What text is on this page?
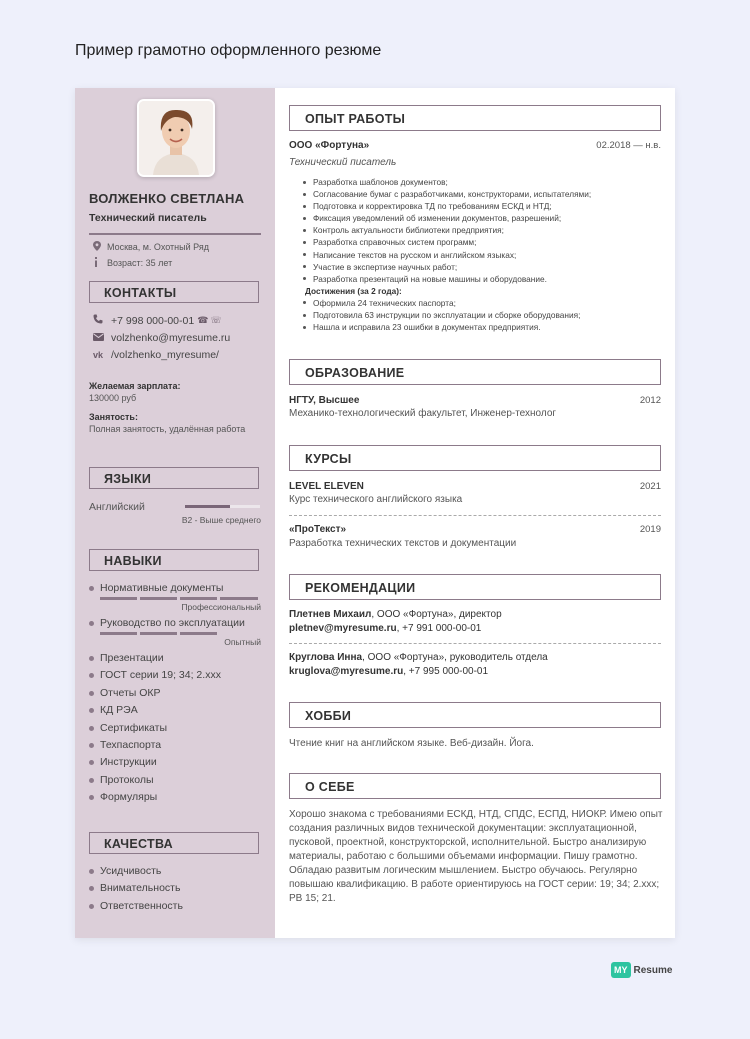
Пример грамотно оформленного резюме
ВОЛЖЕНКО СВЕТЛАНА
Технический писатель
Москва, м. Охотный Ряд
Возраст: 35 лет
КОНТАКТЫ
+7 998 000-00-01 ☎ ☏
volzhenko@myresume.ru
vk /volzhenko_myresume/
Желаемая зарплата:
130000 руб
Занятость:
Полная занятость, удалённая работа
ЯЗЫКИ
Английский
B2 - Выше среднего
НАВЫКИ
Нормативные документы
Профессиональный
Руководство по эксплуатации
Опытный
Презентации
ГОСТ серии 19; 34; 2.xxx
Отчеты ОКР
КД РЭА
Сертификаты
Техпаспорта
Инструкции
Протоколы
Формуляры
КАЧЕСТВА
Усидчивость
Внимательность
Ответственность
ОПЫТ РАБОТЫ
ООО «Фортуна»	02.2018 — н.в.
Технический писатель
Разработка шаблонов документов;
Согласование бумаг с разработчиками, конструкторами, испытателями;
Подготовка и корректировка ТД по требованиям ЕСКД и НТД;
Фиксация уведомлений об изменении документов, разрешений;
Контроль актуальности библиотеки предприятия;
Разработка справочных систем программ;
Написание текстов на русском и английском языках;
Участие в экспертизе научных работ;
Разработка презентаций на новые машины и оборудование.
Достижения (за 2 года):
Оформила 24 технических паспорта;
Подготовила 63 инструкции по эксплуатации и сборке оборудования;
Нашла и исправила 23 ошибки в документах предприятия.
ОБРАЗОВАНИЕ
НГТУ, Высшее	2012
Механико-технологический факультет, Инженер-технолог
КУРСЫ
LEVEL ELEVEN	2021
Курс технического английского языка
«ПроТекст»	2019
Разработка технических текстов и документации
РЕКОМЕНДАЦИИ
Плетнев Михаил, ООО «Фортуна», директор
pletnev@myresume.ru, +7 991 000-00-01
Круглова Инна, ООО «Фортуна», руководитель отдела
kruglova@myresume.ru, +7 995 000-00-01
ХОББИ
Чтение книг на английском языке. Веб-дизайн. Йога.
О СЕБЕ
Хорошо знакома с требованиями ЕСКД, НТД, СПДС, ЕСПД, НИОКР. Имею опыт создания различных видов технической документации: эксплуатационной, пусковой, проектной, конструкторской, исполнительной. Быстро анализирую материалы, работаю с большими объемами информации. Пишу грамотно. Обладаю развитым логическим мышлением. Быстро обучаюсь. Регулярно повышаю квалификацию. В работе ориентируюсь на ГОСТ серии: 19; 34; 2.xxx; РВ 15; 21.
MY Resume
